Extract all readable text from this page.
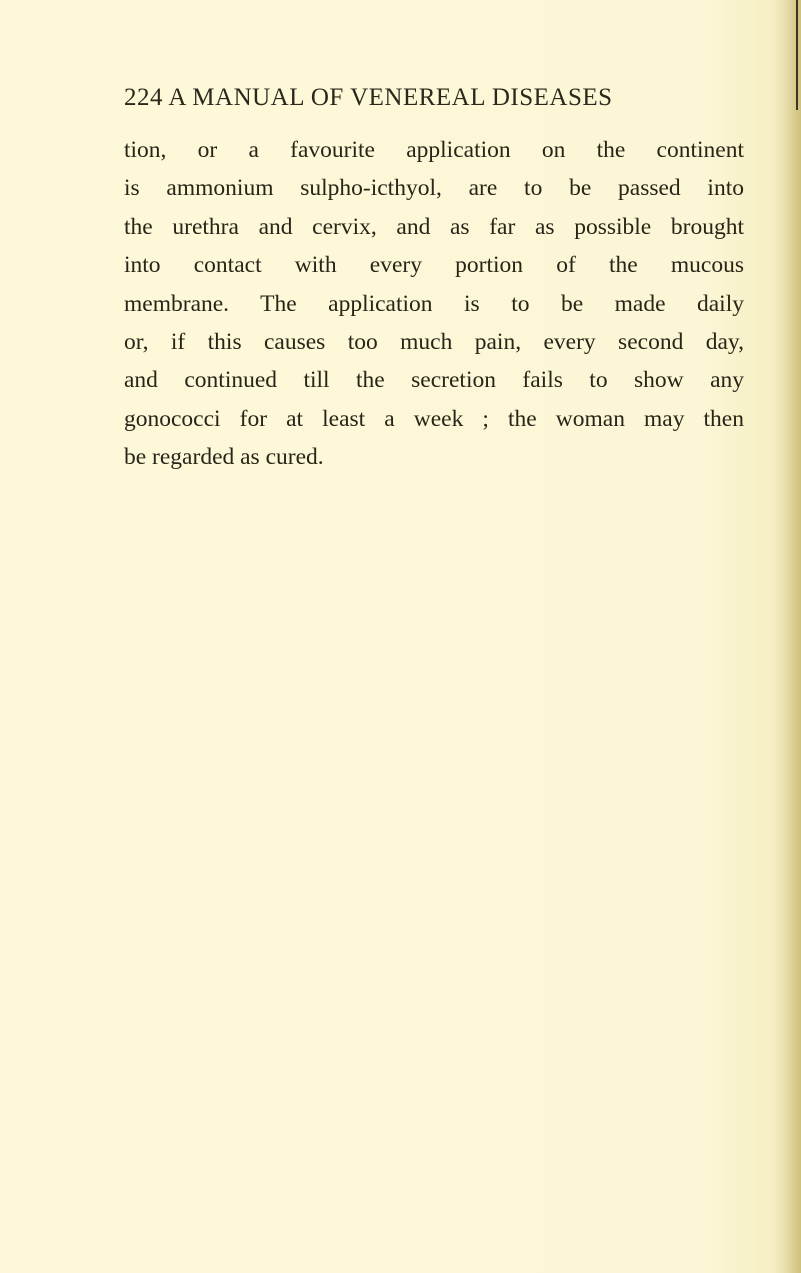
224 A MANUAL OF VENEREAL DISEASES
tion, or a favourite application on the continent
is ammonium sulpho-icthyol, are to be passed into
the urethra and cervix, and as far as possible brought
into contact with every portion of the mucous
membrane. The application is to be made daily
or, if this causes too much pain, every second day,
and continued till the secretion fails to show any
gonococci for at least a week ; the woman may then
be regarded as cured.
